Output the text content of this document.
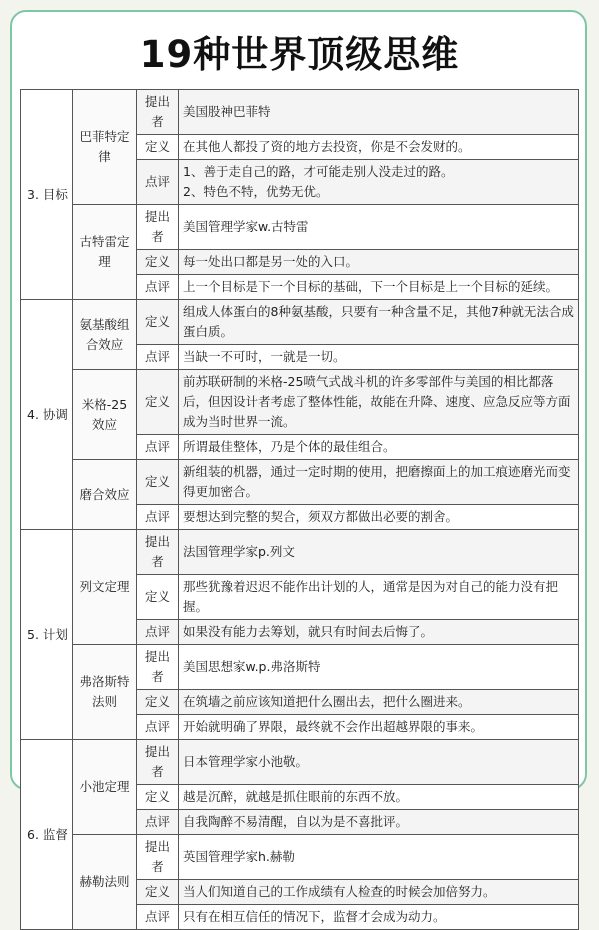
19种世界顶级思维
3. 目标	巴菲特定律	提出者	美国股神巴菲特
		定义	在其他人都投了资的地方去投资，你是不会发财的。
		点评	1、善于走自己的路，才可能走别人没走过的路。
2、特色不特，优势无优。
	古特雷定理	提出者	美国管理学家w.古特雷
		定义	每一处出口都是另一处的入口。
		点评	上一个目标是下一个目标的基础，下一个目标是上一个目标的延续。
4. 协调	氨基酸组合效应	定义	组成人体蛋白的8种氨基酸，只要有一种含量不足，其他7种就无法合成蛋白质。
		点评	当缺一不可时，一就是一切。
	米格-25效应	定义	前苏联研制的米格-25喷气式战斗机的许多零部件与美国的相比都落后，但因设计者考虑了整体性能，故能在升降、速度、应急反应等方面成为当时世界一流。
		点评	所谓最佳整体，乃是个体的最佳组合。
	磨合效应	定义	新组装的机器，通过一定时期的使用，把磨擦面上的加工痕迹磨光而变得更加密合。
		点评	要想达到完整的契合，须双方都做出必要的割舍。
5. 计划	列文定理	提出者	法国管理学家p.列文
		定义	那些犹豫着迟迟不能作出计划的人，通常是因为对自己的能力没有把握。
		点评	如果没有能力去筹划，就只有时间去后悔了。
	弗洛斯特法则	提出者	美国思想家w.p.弗洛斯特
		定义	在筑墙之前应该知道把什么圈出去，把什么圈进来。
		点评	开始就明确了界限，最终就不会作出超越界限的事来。
6. 监督	小池定理	提出者	日本管理学家小池敬。
		定义	越是沉醉，就越是抓住眼前的东西不放。
		点评	自我陶醉不易清醒，自以为是不喜批评。
	赫勒法则	提出者	英国管理学家h.赫勒
		定义	当人们知道自己的工作成绩有人检查的时候会加倍努力。
		点评	只有在相互信任的情况下，监督才会成为动力。
